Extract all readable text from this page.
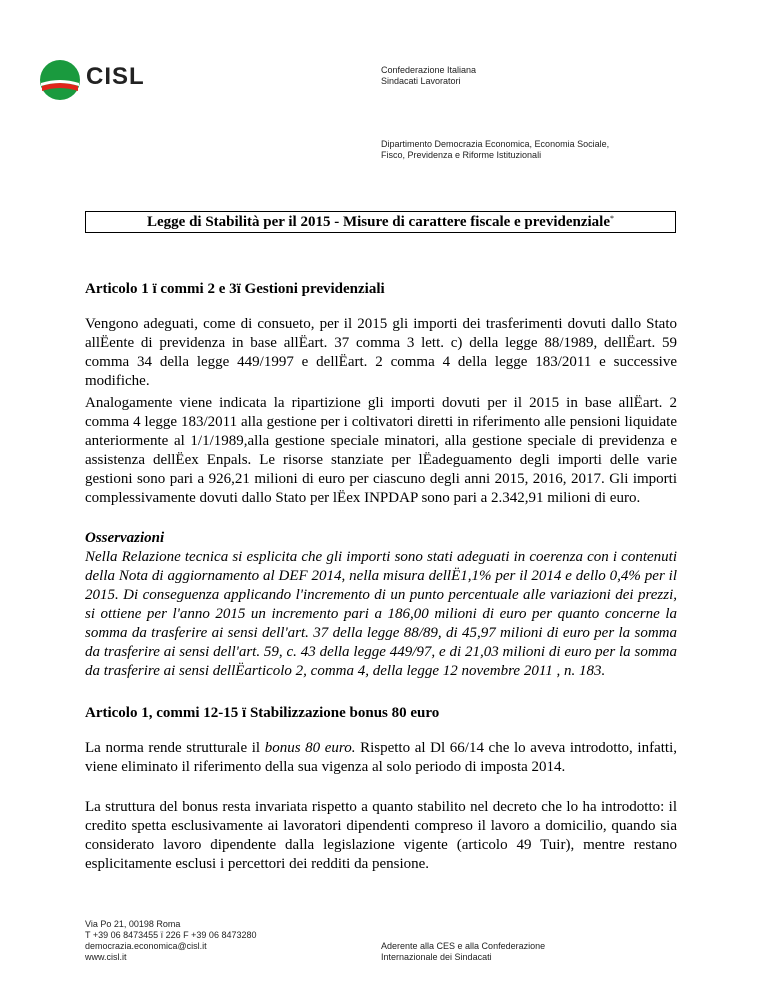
CISL	Confederazione Italiana
Sindacati Lavoratori
Dipartimento Democrazia Economica, Economia Sociale,
Fisco, Previdenza e Riforme Istituzionali
Legge di Stabilità per il 2015 - Misure di carattere fiscale e previdenziale*
Articolo 1 ï commi 2 e 3ï Gestioni previdenziali
Vengono adeguati, come di consueto, per il 2015 gli importi dei trasferimenti dovuti dallo Stato allËente di previdenza in base allËart. 37 comma 3 lett. c) della legge 88/1989, dellËart. 59 comma 34 della legge 449/1997 e dellËart. 2 comma 4 della legge 183/2011 e successive modifiche.
Analogamente viene indicata la ripartizione gli importi dovuti per il 2015 in base allËart. 2 comma 4 legge 183/2011 alla gestione per i coltivatori diretti in riferimento alle pensioni liquidate anteriormente al 1/1/1989,alla gestione speciale minatori, alla gestione speciale di previdenza e assistenza dellËex Enpals. Le risorse stanziate per lËadeguamento degli importi delle varie gestioni sono pari a 926,21 milioni di euro per ciascuno degli anni 2015, 2016, 2017. Gli importi complessivamente dovuti dallo Stato per lËex INPDAP sono pari a 2.342,91 milioni di euro.
Osservazioni
Nella Relazione tecnica si esplicita che gli importi sono stati adeguati in coerenza con i contenuti della Nota di aggiornamento al DEF 2014, nella misura dellË1,1% per il 2014 e dello 0,4% per il 2015. Di conseguenza applicando l'incremento di un punto percentuale alle variazioni dei prezzi, si ottiene per l'anno 2015 un incremento pari a 186,00 milioni di euro per quanto concerne la somma da trasferire ai sensi dell'art. 37 della legge 88/89, di 45,97 milioni di euro per la somma da trasferire ai sensi dell'art. 59, c. 43 della legge 449/97, e di 21,03 milioni di euro per la somma da trasferire ai sensi dellËarticolo 2, comma 4, della legge 12 novembre 2011 , n. 183.
Articolo 1, commi 12-15 ï Stabilizzazione bonus 80 euro
La norma rende strutturale il bonus 80 euro. Rispetto al Dl 66/14 che lo aveva introdotto, infatti, viene eliminato il riferimento della sua vigenza al solo periodo di imposta 2014.
La struttura del bonus resta invariata rispetto a quanto stabilito nel decreto che lo ha introdotto: il credito spetta esclusivamente ai lavoratori dipendenti compreso il lavoro a domicilio, quando sia considerato lavoro dipendente dalla legislazione vigente (articolo 49 Tuir), mentre restano esplicitamente esclusi i percettori dei redditi da pensione.
Via Po 21, 00198 Roma
T +39 06 8473455 ï 226 F +39 06 8473280
democrazia.economica@cisl.it
www.cisl.it
Aderente alla CES e alla Confederazione
Internazionale dei Sindacati
